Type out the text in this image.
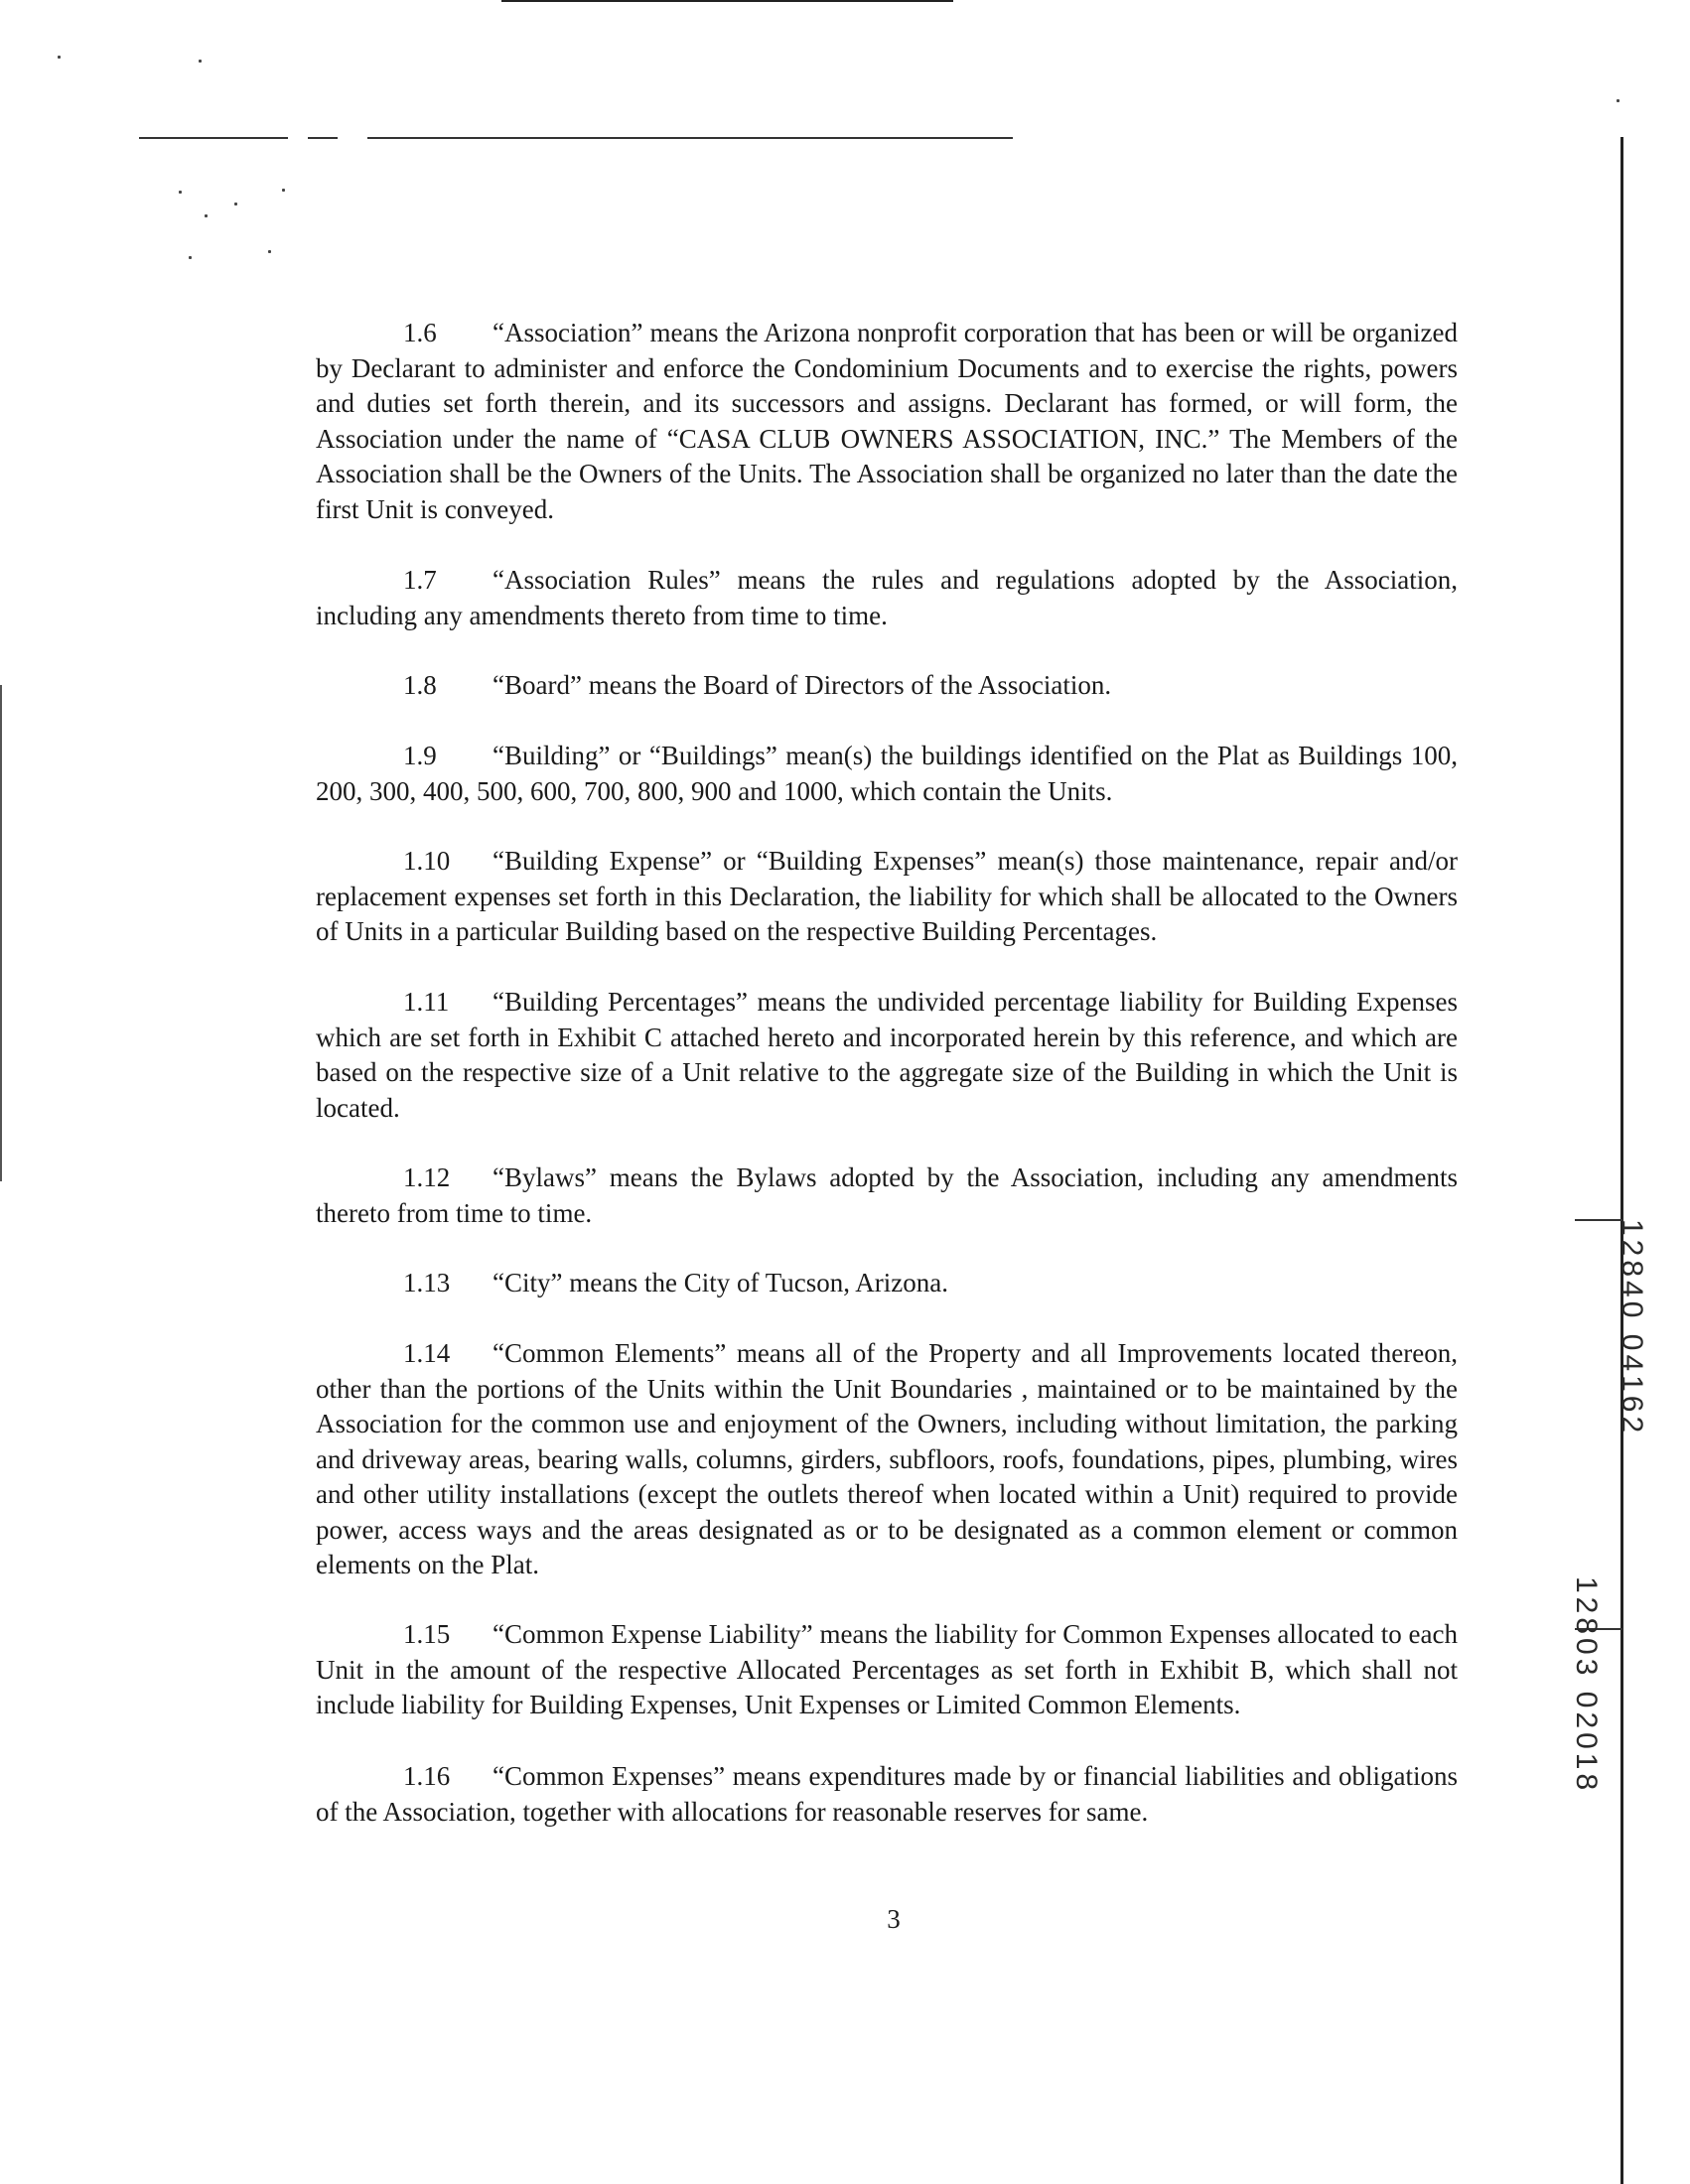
12840 04162
12803 02018

1.6 “Association” means the Arizona nonprofit corporation that has been or will be organized by Declarant to administer and enforce the Condominium Documents and to exercise the rights, powers and duties set forth therein, and its successors and assigns. Declarant has formed, or will form, the Association under the name of “CASA CLUB OWNERS ASSOCIATION, INC.” The Members of the Association shall be the Owners of the Units. The Association shall be organized no later than the date the first Unit is conveyed.

1.7 “Association Rules” means the rules and regulations adopted by the Association, including any amendments thereto from time to time.

1.8 “Board” means the Board of Directors of the Association.

1.9 “Building” or “Buildings” mean(s) the buildings identified on the Plat as Buildings 100, 200, 300, 400, 500, 600, 700, 800, 900 and 1000, which contain the Units.

1.10 “Building Expense” or “Building Expenses” mean(s) those maintenance, repair and/or replacement expenses set forth in this Declaration, the liability for which shall be allocated to the Owners of Units in a particular Building based on the respective Building Percentages.

1.11 “Building Percentages” means the undivided percentage liability for Building Expenses which are set forth in Exhibit C attached hereto and incorporated herein by this reference, and which are based on the respective size of a Unit relative to the aggregate size of the Building in which the Unit is located.

1.12 “Bylaws” means the Bylaws adopted by the Association, including any amendments thereto from time to time.

1.13 “City” means the City of Tucson, Arizona.

1.14 “Common Elements” means all of the Property and all Improvements located thereon, other than the portions of the Units within the Unit Boundaries , maintained or to be maintained by the Association for the common use and enjoyment of the Owners, including without limitation, the parking and driveway areas, bearing walls, columns, girders, subfloors, roofs, foundations, pipes, plumbing, wires and other utility installations (except the outlets thereof when located within a Unit) required to provide power, access ways and the areas designated as or to be designated as a common element or common elements on the Plat.

1.15 “Common Expense Liability” means the liability for Common Expenses allocated to each Unit in the amount of the respective Allocated Percentages as set forth in Exhibit B, which shall not include liability for Building Expenses, Unit Expenses or Limited Common Elements.

1.16 “Common Expenses” means expenditures made by or financial liabilities and obligations of the Association, together with allocations for reasonable reserves for same.

3
